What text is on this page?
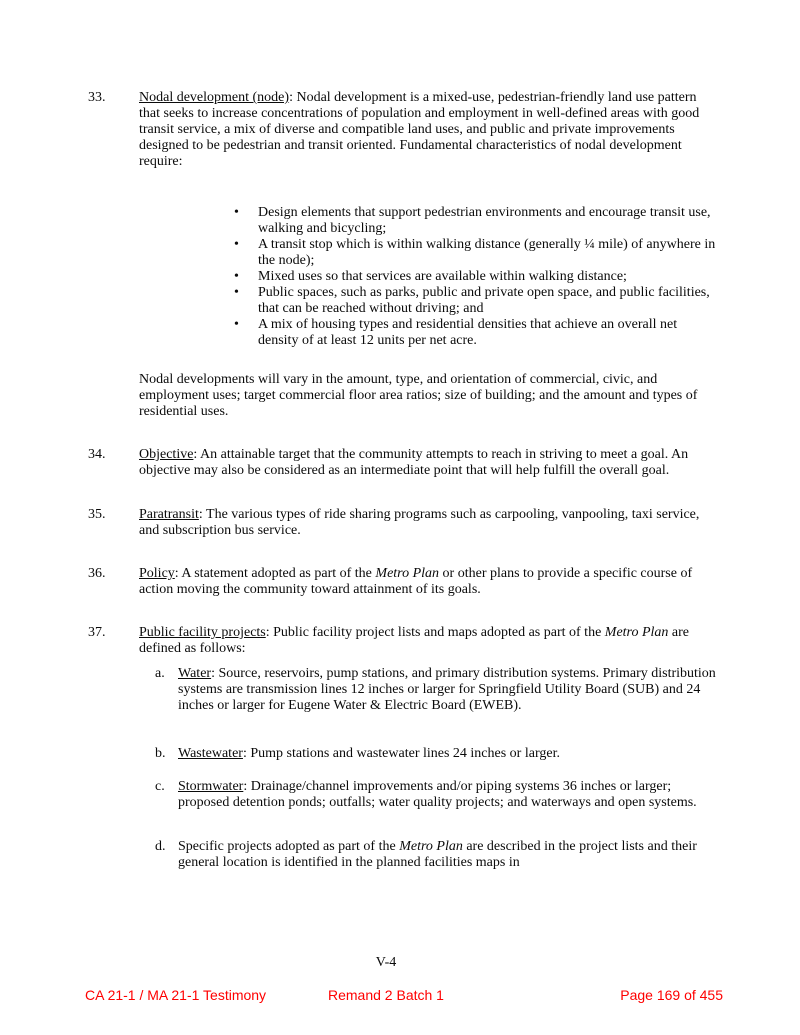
33.	Nodal development (node): Nodal development is a mixed-use, pedestrian-friendly land use pattern that seeks to increase concentrations of population and employment in well-defined areas with good transit service, a mix of diverse and compatible land uses, and public and private improvements designed to be pedestrian and transit oriented. Fundamental characteristics of nodal development require:

•	Design elements that support pedestrian environments and encourage transit use, walking and bicycling;
•	A transit stop which is within walking distance (generally ¼ mile) of anywhere in the node);
•	Mixed uses so that services are available within walking distance;
•	Public spaces, such as parks, public and private open space, and public facilities, that can be reached without driving; and
•	A mix of housing types and residential densities that achieve an overall net density of at least 12 units per net acre.

Nodal developments will vary in the amount, type, and orientation of commercial, civic, and employment uses; target commercial floor area ratios; size of building; and the amount and types of residential uses.

34.	Objective: An attainable target that the community attempts to reach in striving to meet a goal. An objective may also be considered as an intermediate point that will help fulfill the overall goal.

35.	Paratransit: The various types of ride sharing programs such as carpooling, vanpooling, taxi service, and subscription bus service.

36.	Policy: A statement adopted as part of the Metro Plan or other plans to provide a specific course of action moving the community toward attainment of its goals.

37.	Public facility projects: Public facility project lists and maps adopted as part of the Metro Plan are defined as follows:

a. Water: Source, reservoirs, pump stations, and primary distribution systems. Primary distribution systems are transmission lines 12 inches or larger for Springfield Utility Board (SUB) and 24 inches or larger for Eugene Water & Electric Board (EWEB).
b. Wastewater: Pump stations and wastewater lines 24 inches or larger.
c. Stormwater: Drainage/channel improvements and/or piping systems 36 inches or larger; proposed detention ponds; outfalls; water quality projects; and waterways and open systems.
d. Specific projects adopted as part of the Metro Plan are described in the project lists and their general location is identified in the planned facilities maps in
V-4
CA 21-1 / MA 21-1 Testimony	Remand 2 Batch 1	Page 169 of 455
